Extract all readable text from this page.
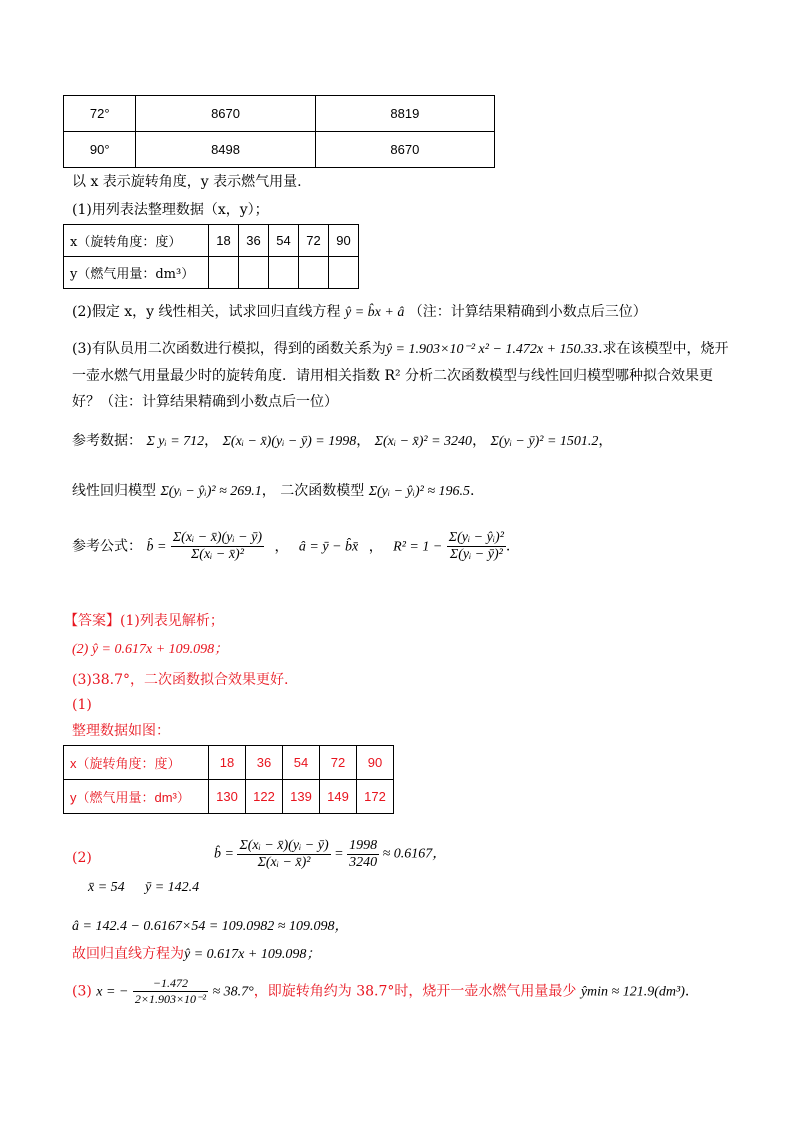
72°	8670	8819
90°	8498	8670
以 x 表示旋转角度，y 表示燃气用量.
(1)用列表法整理数据（x，y）；
x（旋转角度：度）	18	36	54	72	90
y（燃气用量：dm³）					
(2)假定 x，y 线性相关，试求回归直线方程 ŷ = b̂x + â （注：计算结果精确到小数点后三位）
(3)有队员用二次函数进行模拟，得到的函数关系为ŷ = 1.903×10⁻² x² − 1.472x + 150.33.求在该模型中，烧开
一壶水燃气用量最少时的旋转角度．请用相关指数 R² 分析二次函数模型与线性回归模型哪种拟合效果更
好？（注：计算结果精确到小数点后一位）
参考数据： Σ yᵢ = 712， Σ(xᵢ − x̄)(yᵢ − ȳ) = 1998， Σ(xᵢ − x̄)² = 3240， Σ(yᵢ − ȳ)² = 1501.2，
线性回归模型 Σ(yᵢ − ŷᵢ)² ≈ 269.1， 二次函数模型 Σ(yᵢ − ŷᵢ)² ≈ 196.5.
参考公式： b̂ = $\frac{\text{Σ(xᵢ − x̄)(yᵢ − ȳ)}}{\text{Σ(xᵢ − x̄)²}}$ ， â = ȳ − b̂x̄ ， $R^2 = 1 - \frac{\text{Σ(yᵢ − ŷᵢ)²}}{\text{Σ(yᵢ − ȳ)²}}$ .
【答案】(1)列表见解析；
(2) ŷ = 0.617x + 109.098；
(3)38.7°，二次函数拟合效果更好.
(1)
整理数据如图：
x（旋转角度：度）	18	36	54	72	90
y（燃气用量：dm³）	130	122	139	149	172
(2)
x̄ = 54 ȳ = 142.4
b̂ = $\frac{\text{Σ(xᵢ − x̄)(yᵢ − ȳ)}}{\text{Σ(xᵢ − x̄)²}} = \frac{1998}{3240} \approx 0.6167$，
â = 142.4 − 0.6167×54 = 109.0982 ≈ 109.098，
故回归直线方程为ŷ = 0.617x + 109.098；
(3) x = − $\frac{-1.472}{\text{2×1.903×10⁻²}} \approx 38.7^\circ$，即旋转角约为 38.7°时，烧开一壶水燃气用量最少 ŷmin ≈ 121.9(dm³).
